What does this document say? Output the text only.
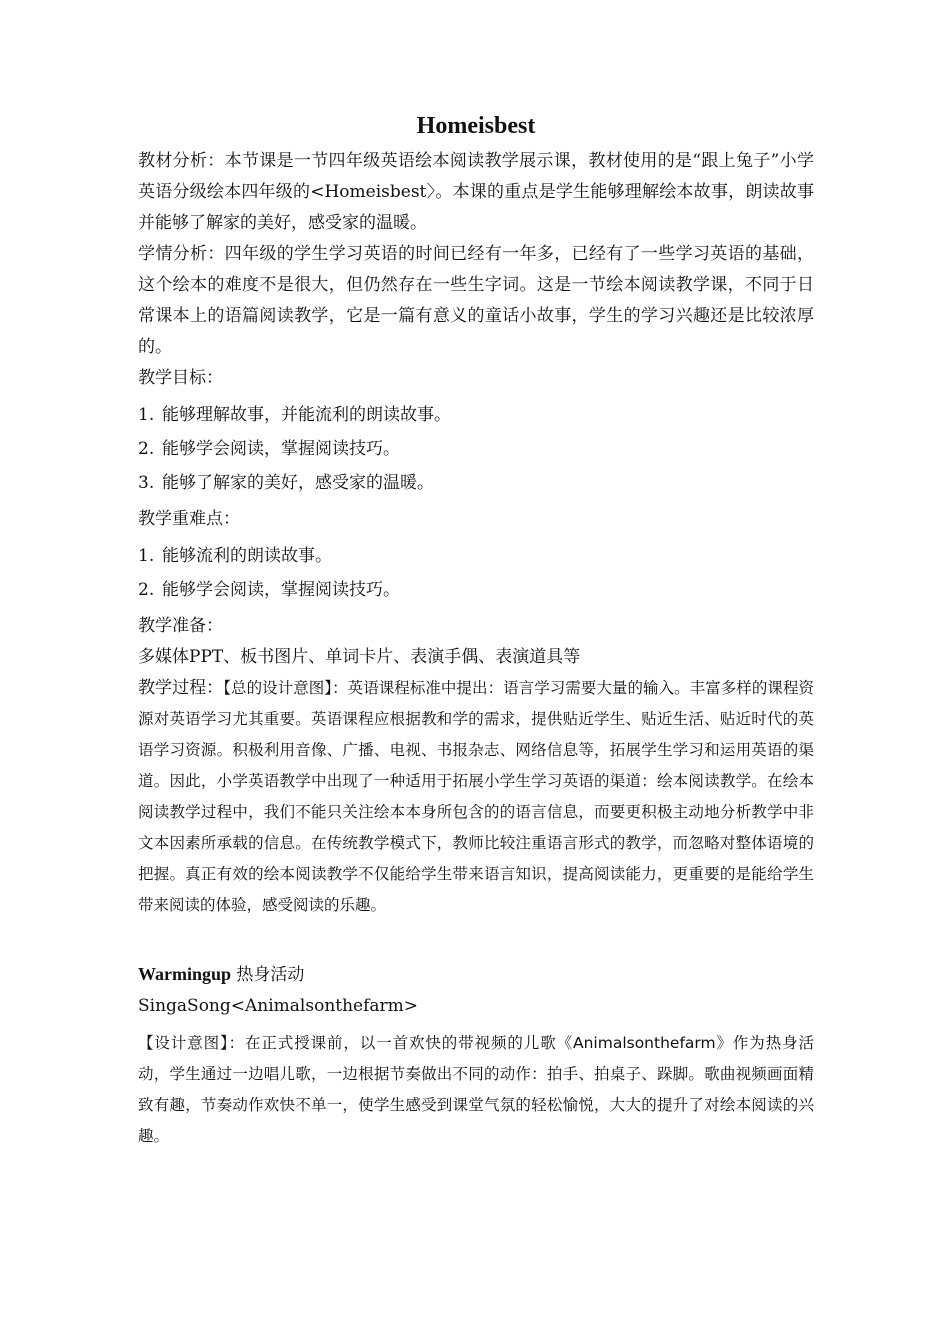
Homeisbest

教材分析：本节课是一节四年级英语绘本阅读教学展示课，教材使用的是“跟上兔子”小学英语分级绘本四年级的<Homeisbest〉。本课的重点是学生能够理解绘本故事，朗读故事并能够了解家的美好，感受家的温暖。

学情分析：四年级的学生学习英语的时间已经有一年多，已经有了一些学习英语的基础，这个绘本的难度不是很大，但仍然存在一些生字词。这是一节绘本阅读教学课，不同于日常课本上的语篇阅读教学，它是一篇有意义的童话小故事，学生的学习兴趣还是比较浓厚的。

教学目标：

1. 能够理解故事，并能流利的朗读故事。
2. 能够学会阅读，掌握阅读技巧。
3. 能够了解家的美好，感受家的温暖。

教学重难点：

1. 能够流利的朗读故事。
2. 能够学会阅读，掌握阅读技巧。

教学准备：

多媒体PPT、板书图片、单词卡片、表演手偶、表演道具等

教学过程：【总的设计意图】：英语课程标准中提出：语言学习需要大量的输入。丰富多样的课程资源对英语学习尤其重要。英语课程应根据教和学的需求，提供贴近学生、贴近生活、贴近时代的英语学习资源。积极利用音像、广播、电视、书报杂志、网络信息等，拓展学生学习和运用英语的渠道。因此，小学英语教学中出现了一种适用于拓展小学生学习英语的渠道：绘本阅读教学。在绘本阅读教学过程中，我们不能只关注绘本本身所包含的的语言信息，而要更积极主动地分析教学中非文本因素所承载的信息。在传统教学模式下，教师比较注重语言形式的教学，而忽略对整体语境的把握。真正有效的绘本阅读教学不仅能给学生带来语言知识，提高阅读能力，更重要的是能给学生带来阅读的体验，感受阅读的乐趣。

Warmingup 热身活动

SingaSong<Animalsonthefarm>

【设计意图】：在正式授课前，以一首欢快的带视频的儿歌《Animalsonthefarm》作为热身活动，学生通过一边唱儿歌，一边根据节奏做出不同的动作：拍手、拍桌子、跺脚。歌曲视频画面精致有趣，节奏动作欢快不单一，使学生感受到课堂气氛的轻松愉悦，大大的提升了对绘本阅读的兴趣。
